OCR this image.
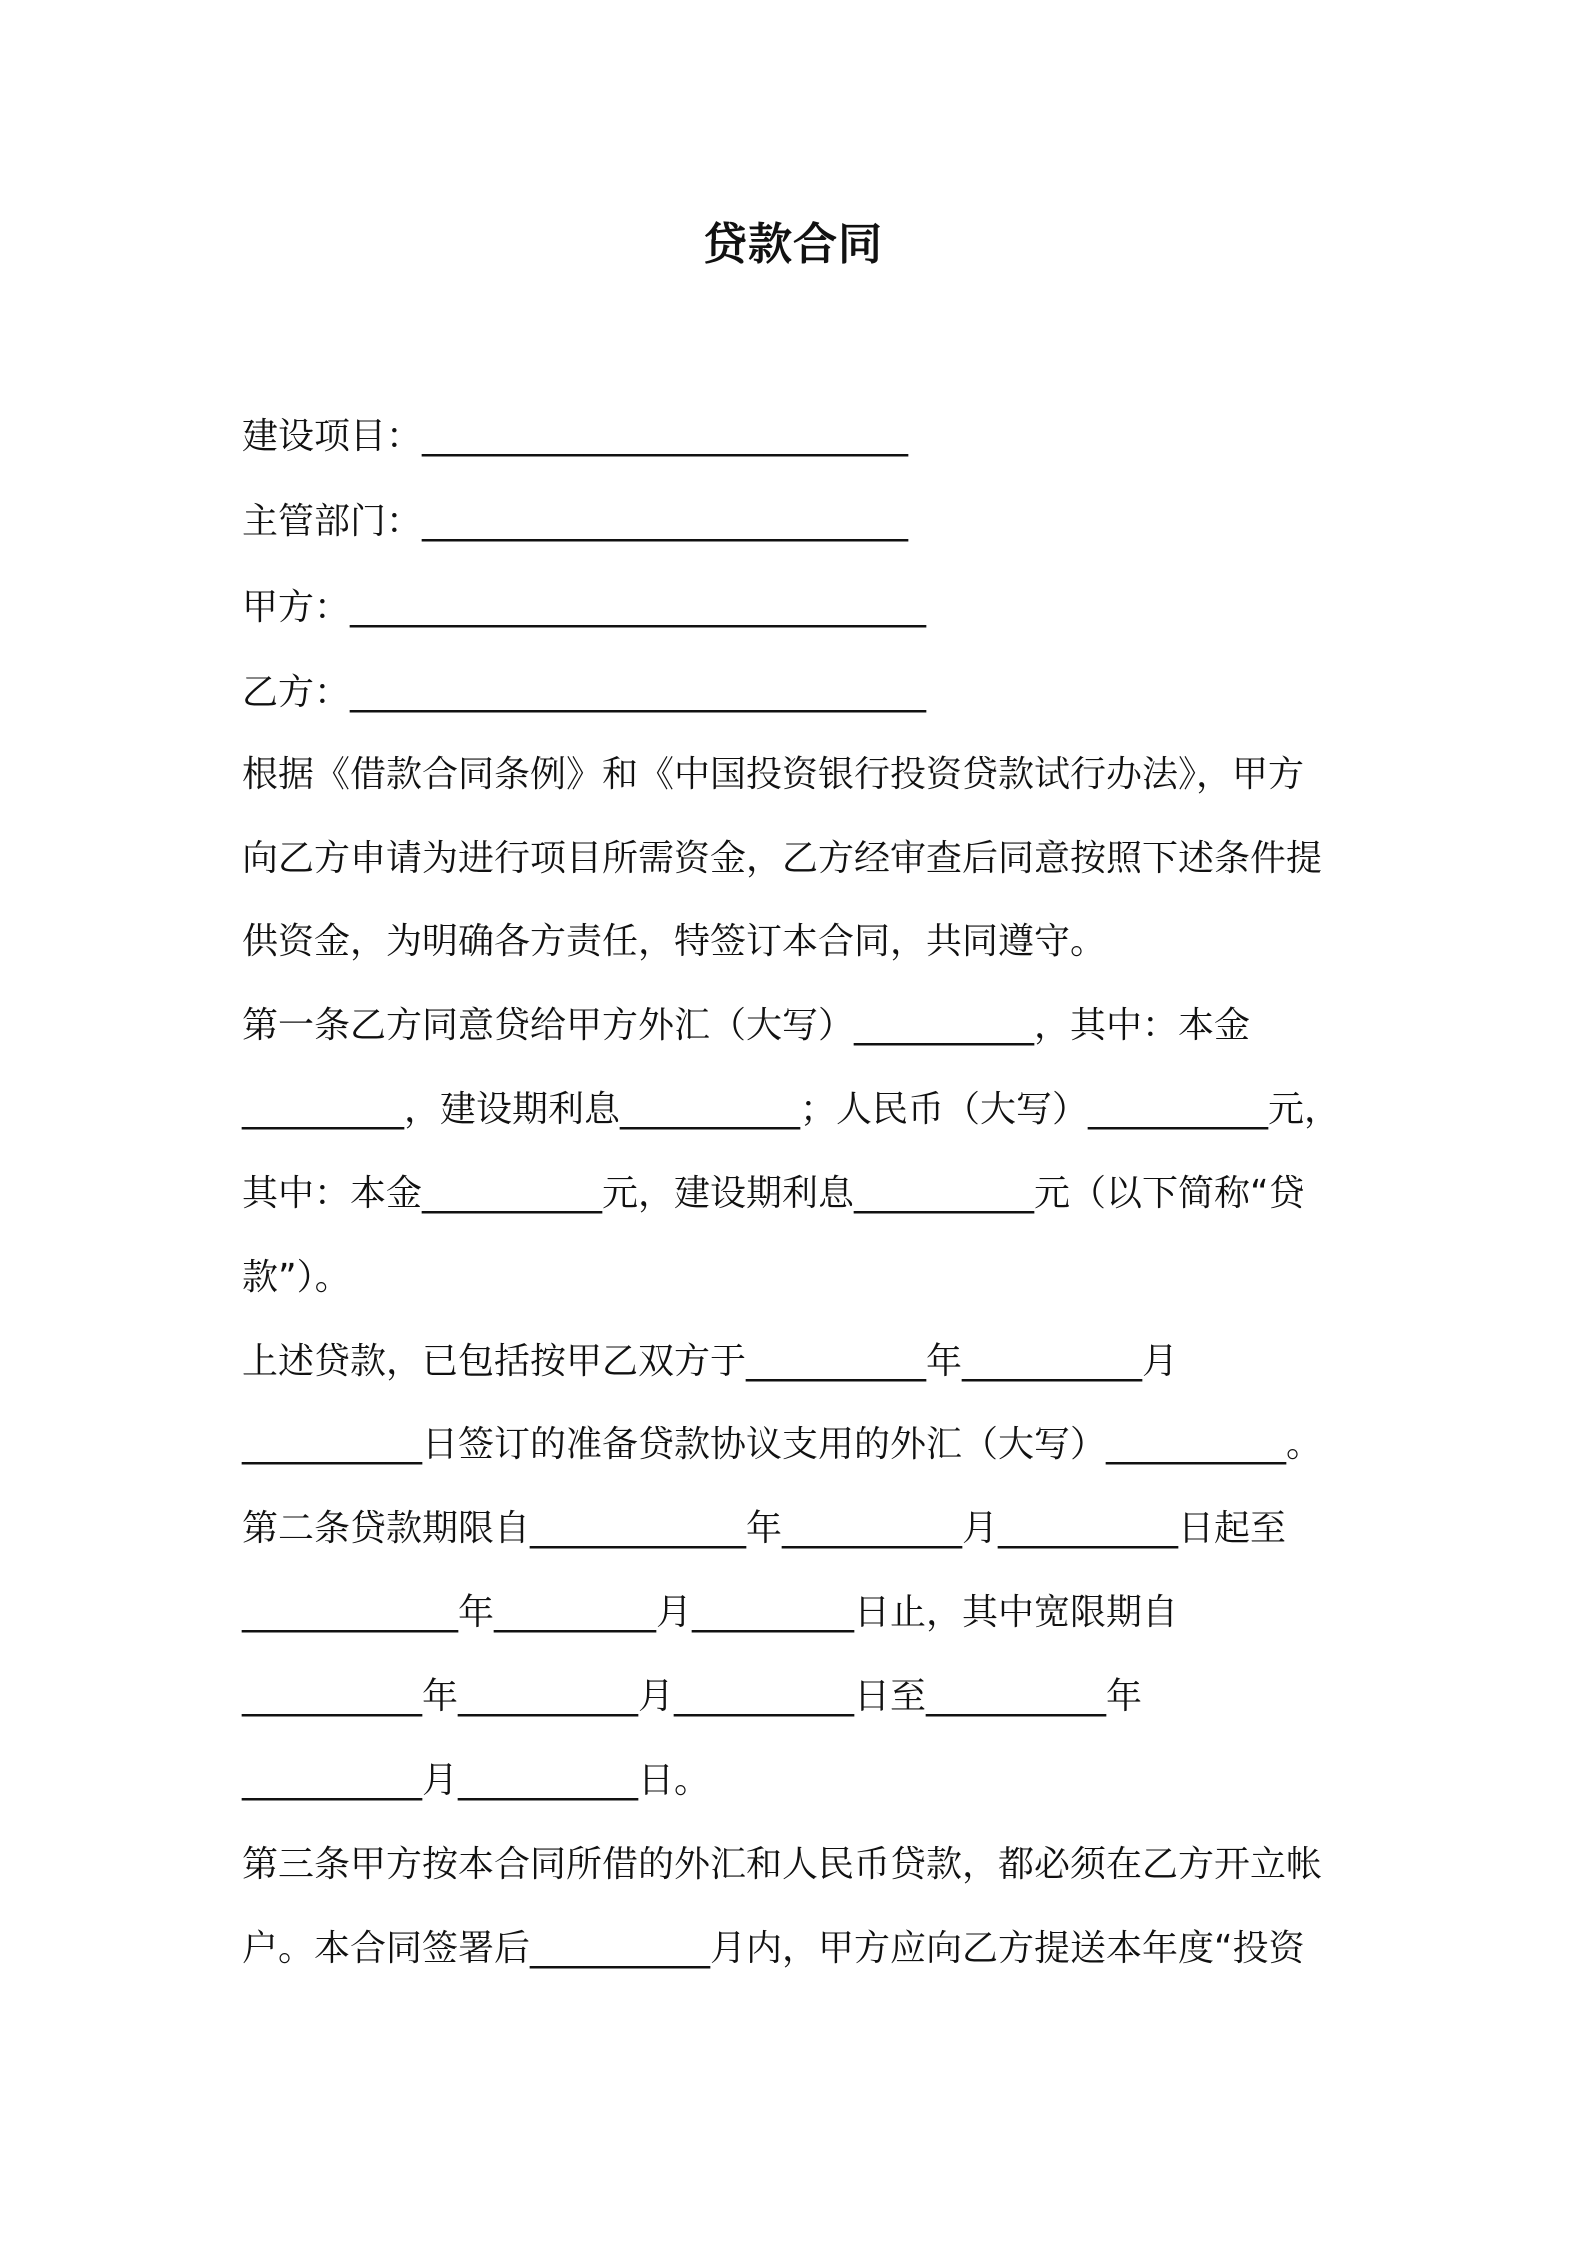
贷款合同

建设项目：___________________________

主管部门：___________________________

甲方：________________________________

乙方：________________________________

根据《借款合同条例》和《中国投资银行投资贷款试行办法》，甲方

向乙方申请为进行项目所需资金，乙方经审查后同意按照下述条件提

供资金，为明确各方责任，特签订本合同，共同遵守。

第一条乙方同意贷给甲方外汇（大写）__________，其中：本金

_________，建设期利息__________；人民币（大写）__________元，

其中：本金__________元，建设期利息__________元（以下简称“贷

款”）。

上述贷款，已包括按甲乙双方于__________年__________月

__________日签订的准备贷款协议支用的外汇（大写）__________。

第二条贷款期限自____________年__________月__________日起至

____________年_________月_________日止，其中宽限期自

__________年__________月__________日至__________年

__________月__________日。

第三条甲方按本合同所借的外汇和人民币贷款，都必须在乙方开立帐

户。本合同签署后__________月内，甲方应向乙方提送本年度“投资
